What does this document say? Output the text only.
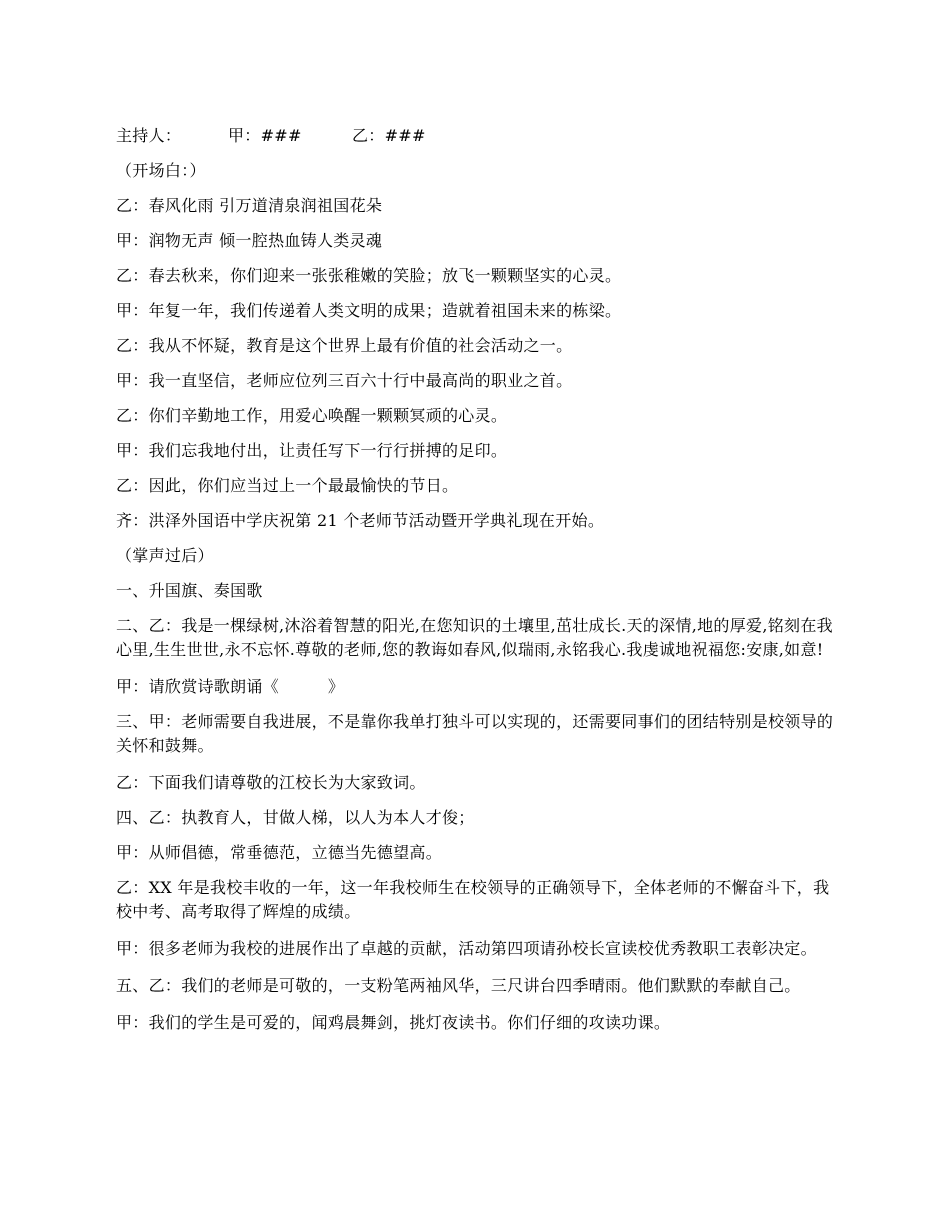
主持人：	甲：###	乙：###

（开场白：）

乙：春风化雨 引万道清泉润祖国花朵

甲：润物无声 倾一腔热血铸人类灵魂

乙：春去秋来，你们迎来一张张稚嫩的笑脸；放飞一颗颗坚实的心灵。

甲：年复一年，我们传递着人类文明的成果；造就着祖国未来的栋梁。

乙：我从不怀疑，教育是这个世界上最有价值的社会活动之一。

甲：我一直坚信，老师应位列三百六十行中最高尚的职业之首。

乙：你们辛勤地工作，用爱心唤醒一颗颗冥顽的心灵。

甲：我们忘我地付出，让责任写下一行行拼搏的足印。

乙：因此，你们应当过上一个最最愉快的节日。

齐：洪泽外国语中学庆祝第 21 个老师节活动暨开学典礼现在开始。

（掌声过后）

一、升国旗、奏国歌

二、乙：我是一棵绿树,沐浴着智慧的阳光,在您知识的土壤里,茁壮成长.天的深情,地的厚爱,铭刻在我心里,生生世世,永不忘怀.尊敬的老师,您的教诲如春风,似瑞雨,永铭我心.我虔诚地祝福您:安康,如意!

甲：请欣赏诗歌朗诵《　　　》

三、甲：老师需要自我进展，不是靠你我单打独斗可以实现的，还需要同事们的团结特别是校领导的关怀和鼓舞。

乙：下面我们请尊敬的江校长为大家致词。

四、乙：执教育人，甘做人梯，以人为本人才俊；

甲：从师倡德，常垂德范，立德当先德望高。

乙：XX 年是我校丰收的一年，这一年我校师生在校领导的正确领导下，全体老师的不懈奋斗下，我校中考、高考取得了辉煌的成绩。

甲：很多老师为我校的进展作出了卓越的贡献，活动第四项请孙校长宣读校优秀教职工表彰决定。

五、乙：我们的老师是可敬的，一支粉笔两袖风华，三尺讲台四季晴雨。他们默默的奉献自己。

甲：我们的学生是可爱的，闻鸡晨舞剑，挑灯夜读书。你们仔细的攻读功课。
